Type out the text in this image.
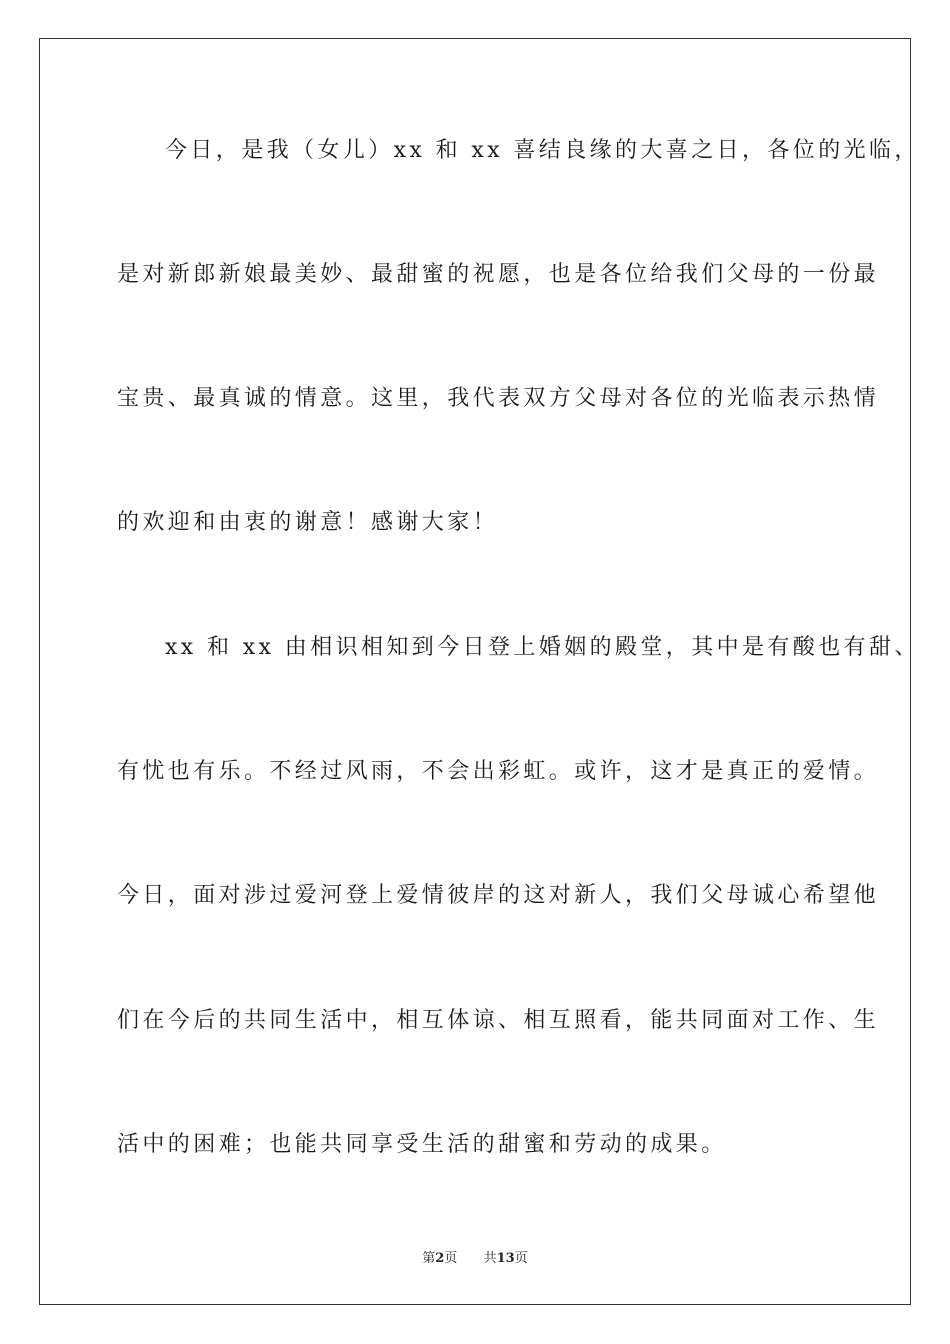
今日，是我（女儿）xx 和 xx 喜结良缘的大喜之日，各位的光临，
是对新郎新娘最美妙、最甜蜜的祝愿，也是各位给我们父母的一份最
宝贵、最真诚的情意。这里，我代表双方父母对各位的光临表示热情
的欢迎和由衷的谢意！感谢大家！
xx 和 xx 由相识相知到今日登上婚姻的殿堂，其中是有酸也有甜、
有忧也有乐。不经过风雨，不会出彩虹。或许，这才是真正的爱情。
今日，面对涉过爱河登上爱情彼岸的这对新人，我们父母诚心希望他
们在今后的共同生活中，相互体谅、相互照看，能共同面对工作、生
活中的困难；也能共同享受生活的甜蜜和劳动的成果。
第2页 共13页
